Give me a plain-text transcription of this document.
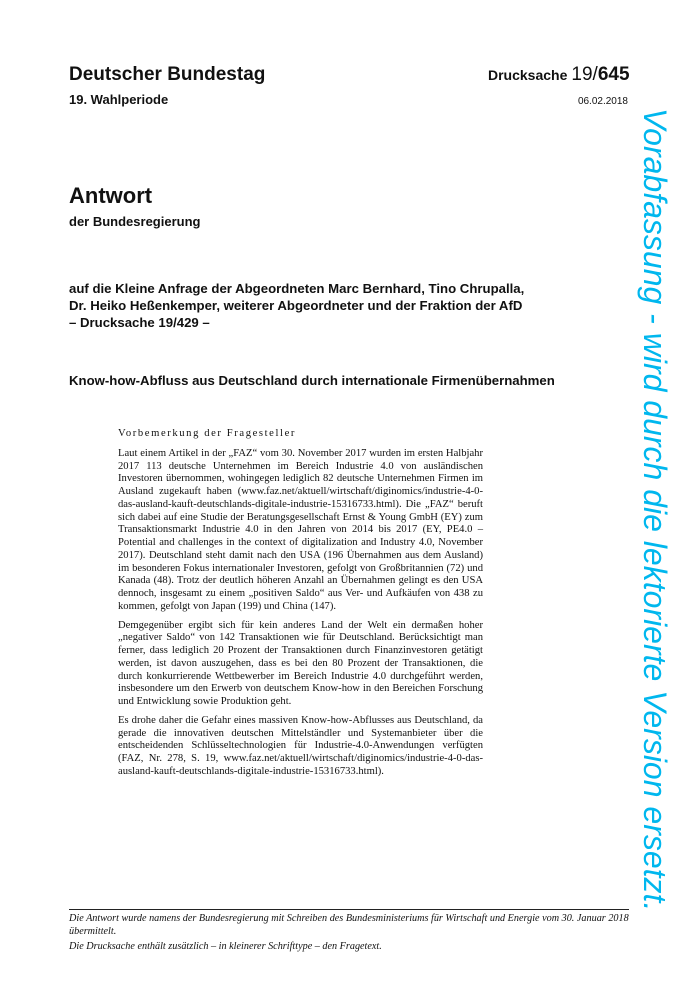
Deutscher Bundestag
19. Wahlperiode
Drucksache 19/645
06.02.2018
Antwort
der Bundesregierung
auf die Kleine Anfrage der Abgeordneten Marc Bernhard, Tino Chrupalla,
Dr. Heiko Heßenkemper, weiterer Abgeordneter und der Fraktion der AfD
– Drucksache 19/429 –
Know-how-Abfluss aus Deutschland durch internationale Firmenübernahmen
Vorbemerkung der Fragesteller

Laut einem Artikel in der „FAZ“ vom 30. November 2017 wurden im ersten Halbjahr 2017 113 deutsche Unternehmen im Bereich Industrie 4.0 von ausländischen Investoren übernommen, wohingegen lediglich 82 deutsche Unternehmen Firmen im Ausland zugekauft haben (www.faz.net/aktuell/wirtschaft/diginomics/industrie-4-0-das-ausland-kauft-deutschlands-digitale-industrie-15316733.html). Die „FAZ“ beruft sich dabei auf eine Studie der Beratungsgesellschaft Ernst & Young GmbH (EY) zum Transaktionsmarkt Industrie 4.0 in den Jahren von 2014 bis 2017 (EY, PE4.0 – Potential and challenges in the context of digitalization and Industry 4.0, November 2017). Deutschland steht damit nach den USA (196 Übernahmen aus dem Ausland) im besonderen Fokus internationaler Investoren, gefolgt von Großbritannien (72) und Kanada (48). Trotz der deutlich höheren Anzahl an Übernahmen gelingt es den USA dennoch, insgesamt zu einem „positiven Saldo“ aus Ver- und Aufkäufen von 438 zu kommen, gefolgt von Japan (199) und China (147).

Demgegenüber ergibt sich für kein anderes Land der Welt ein dermaßen hoher „negativer Saldo“ von 142 Transaktionen wie für Deutschland. Berücksichtigt man ferner, dass lediglich 20 Prozent der Transaktionen durch Finanzinvestoren getätigt werden, ist davon auszugehen, dass es bei den 80 Prozent der Transaktionen, die durch konkurrierende Wettbewerber im Bereich Industrie 4.0 durchgeführt werden, insbesondere um den Erwerb von deutschem Know-how in den Bereichen Forschung und Entwicklung sowie Produktion geht.

Es drohe daher die Gefahr eines massiven Know-how-Abflusses aus Deutschland, da gerade die innovativen deutschen Mittelständler und Systemanbieter über die entscheidenden Schlüsseltechnologien für Industrie-4.0-Anwendungen verfügten (FAZ, Nr. 278, S. 19, www.faz.net/aktuell/wirtschaft/diginomics/industrie-4-0-das-ausland-kauft-deutschlands-digitale-industrie-15316733.html).	Vorabfassung - wird durch die lektorierte Version ersetzt.

Die Antwort wurde namens der Bundesregierung mit Schreiben des Bundesministeriums für Wirtschaft und Energie vom 30. Januar 2018 übermittelt.

Die Drucksache enthält zusätzlich – in kleinerer Schrifttype – den Fragetext.
